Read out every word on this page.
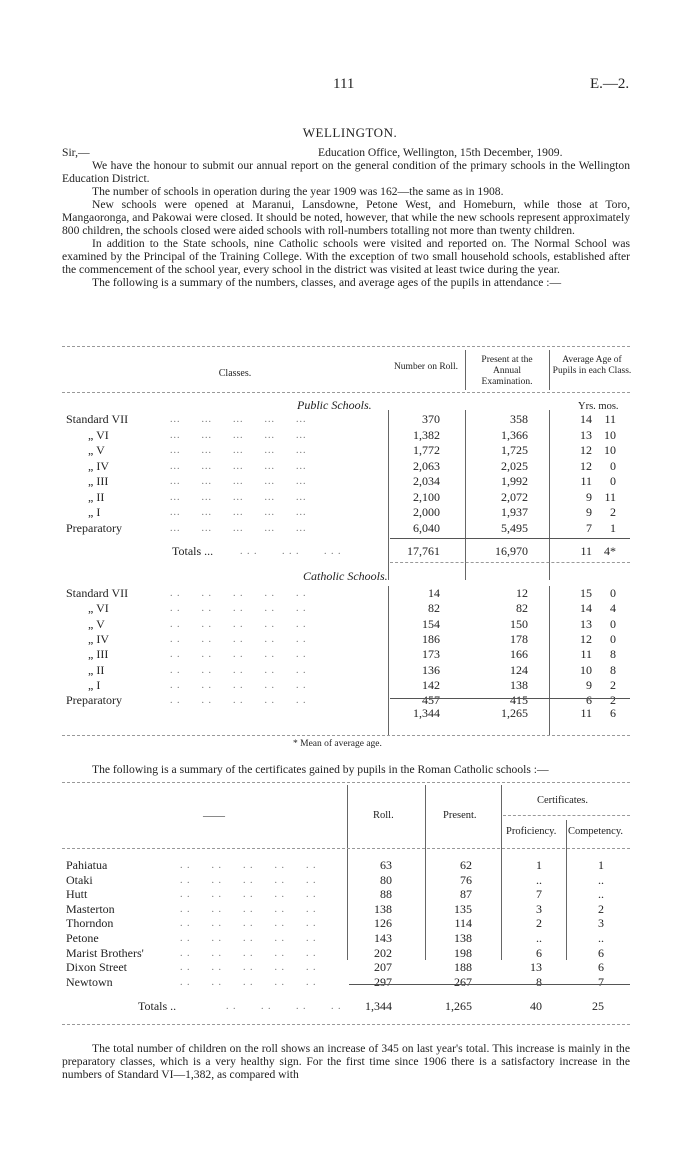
111	E.—2.
WELLINGTON.
Sir,—	Education Office, Wellington, 15th December, 1909.

We have the honour to submit our annual report on the general condition of the primary schools in the Wellington Education District.

The number of schools in operation during the year 1909 was 162—the same as in 1908.

New schools were opened at Maranui, Lansdowne, Petone West, and Homeburn, while those at Toro, Mangaoronga, and Pakowai were closed. It should be noted, however, that while the new schools represent approximately 800 children, the schools closed were aided schools with roll-numbers totalling not more than twenty children.

In addition to the State schools, nine Catholic schools were visited and reported on. The Normal School was examined by the Principal of the Training College. With the exception of two small household schools, established after the commencement of the school year, every school in the district was visited at least twice during the year.

The following is a summary of the numbers, classes, and average ages of the pupils in attendance :—

Classes.
Number on Roll.
Present at the Annual Examination.
Average Age of Pupils in each Class.
Public Schools.	Yrs. mos.
Standard VII	...      ...      ...      ...      ...	370	358	14	11
„ VI	...      ...      ...      ...      ...	1,382	1,366	13	10
„ V	...      ...      ...      ...      ...	1,772	1,725	12	10
„ IV	...      ...      ...      ...      ...	2,063	2,025	12	0
„ III	...      ...      ...      ...      ...	2,034	1,992	11	0
„ II	...      ...      ...      ...      ...	2,100	2,072	9	11
„ I	...      ...      ...      ...      ...	2,000	1,937	9	2
Preparatory	...      ...      ...      ...      ...	6,040	5,495	7	1
Totals ...	. . .       . . .       . . .	17,761	16,970	11	4*
Catholic Schools.
Standard VII	. .      . .      . .      . .      . .	14	12	15	0
„ VI	. .      . .      . .      . .      . .	82	82	14	4
„ V	. .      . .      . .      . .      . .	154	150	13	0
„ IV	. .      . .      . .      . .      . .	186	178	12	0
„ III	. .      . .      . .      . .      . .	173	166	11	8
„ II	. .      . .      . .      . .      . .	136	124	10	8
„ I	. .      . .      . .      . .      . .	142	138	9	2
Preparatory	. .      . .      . .      . .      . .	457	415	6	2
1,344	1,265	11	6
* Mean of average age.
The following is a summary of the certificates gained by pupils in the Roman Catholic schools :—
——	Roll.	Present.
Certificates.
Proficiency. Competency.
Pahiatua	. .      . .      . .      . .      . .	63	62	1	1
Otaki	. .      . .      . .      . .      . .	80	76	..	..
Hutt	. .      . .      . .      . .      . .	88	87	7	..
Masterton	. .      . .      . .      . .      . .	138	135	3	2
Thorndon	. .      . .      . .      . .      . .	126	114	2	3
Petone	. .      . .      . .      . .      . .	143	138	..	..
Marist Brothers'	. .      . .      . .      . .      . .	202	198	6	6
Dixon Street	. .      . .      . .      . .      . .	207	188	13	6
Newtown	. .      . .      . .      . .      . .	297	267	8	7
Totals ..	. .       . .       . .       . .	1,344	1,265	40	25
The total number of children on the roll shows an increase of 345 on last year's total. This increase is mainly in the preparatory classes, which is a very healthy sign. For the first time since 1906 there is a satisfactory increase in the numbers of Standard VI—1,382, as compared with
